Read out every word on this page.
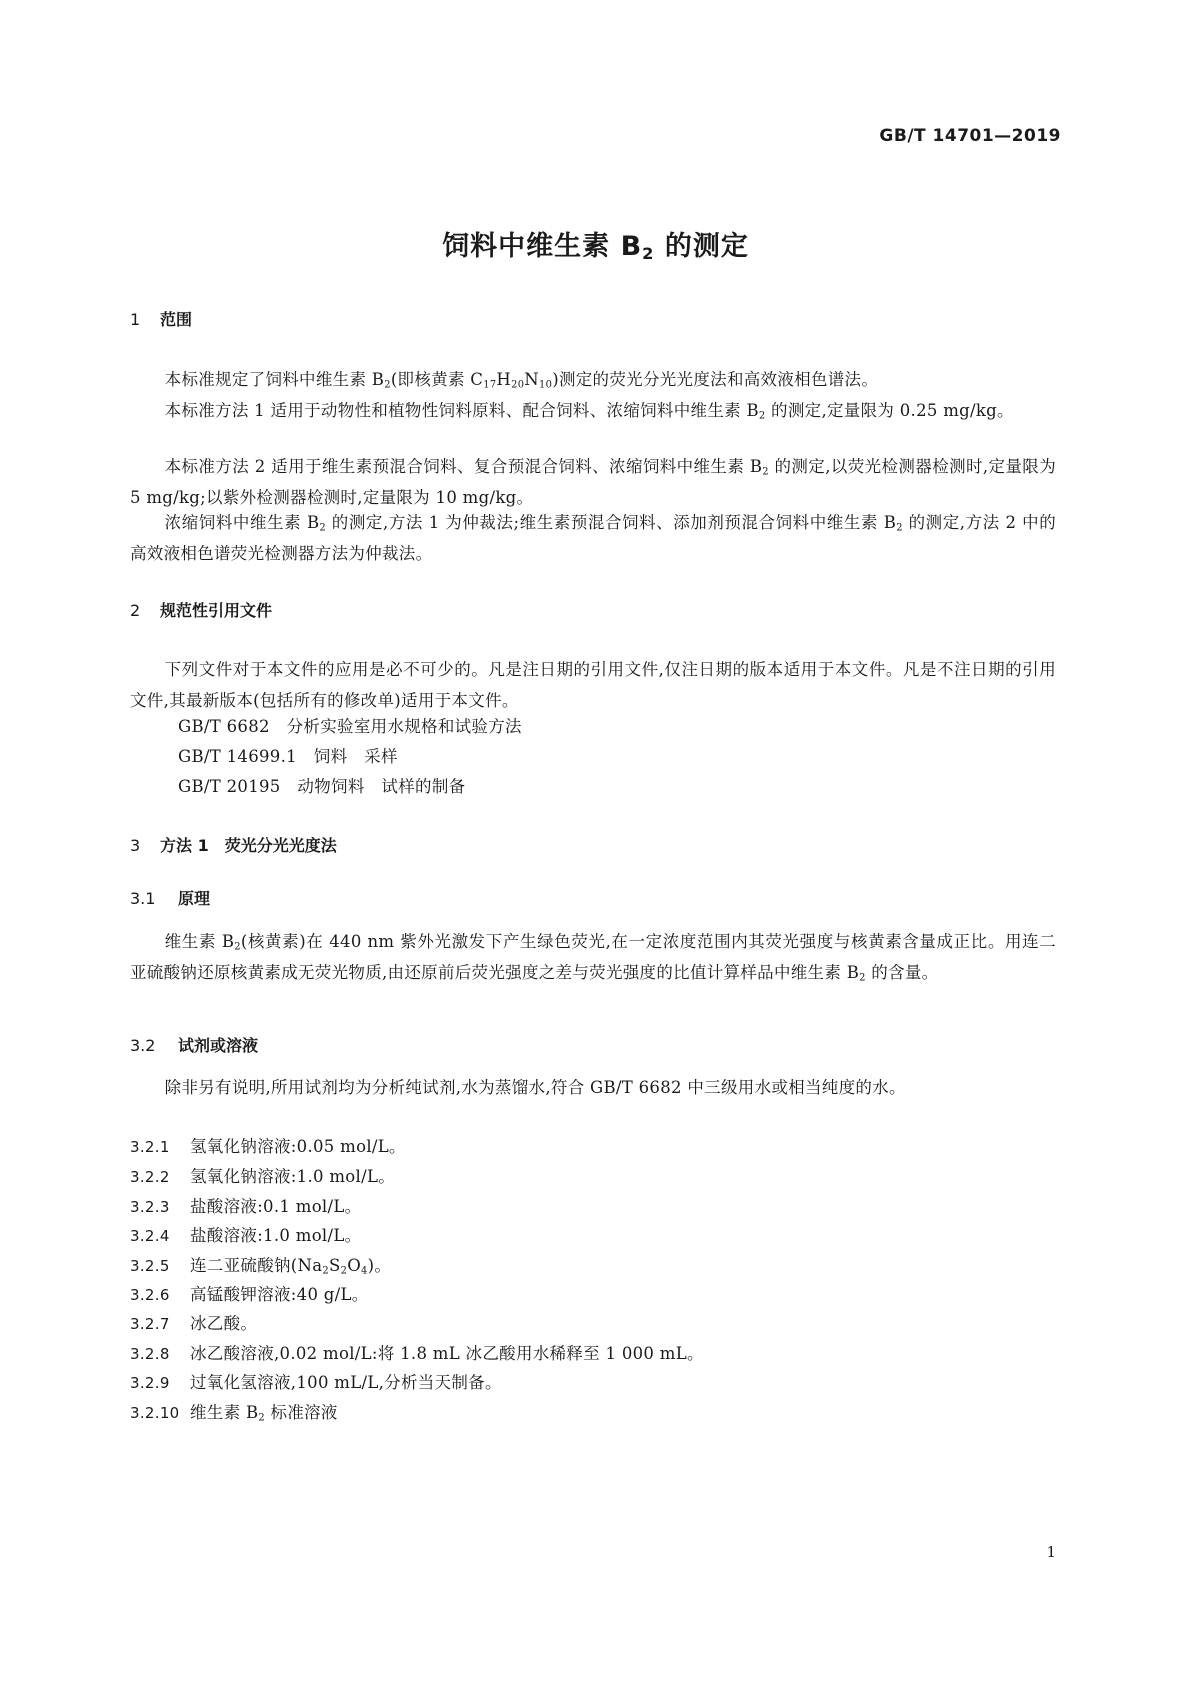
GB/T 14701—2019
饲料中维生素 $B_2$ 的测定
1 范围
本标准规定了饲料中维生素 $B_2$(即核黄素 $C_{17}H_{20}N_{10}$)测定的荧光分光光度法和高效液相色谱法。
本标准方法 1 适用于动物性和植物性饲料原料、配合饲料、浓缩饲料中维生素 $B_2$ 的测定,定量限为 0.25 mg/kg。
本标准方法 2 适用于维生素预混合饲料、复合预混合饲料、浓缩饲料中维生素 $B_2$ 的测定,以荧光检测器检测时,定量限为 5 mg/kg;以紫外检测器检测时,定量限为 10 mg/kg。
浓缩饲料中维生素 $B_2$ 的测定,方法 1 为仲裁法;维生素预混合饲料、添加剂预混合饲料中维生素 $B_2$ 的测定,方法 2 中的高效液相色谱荧光检测器方法为仲裁法。
2 规范性引用文件
下列文件对于本文件的应用是必不可少的。凡是注日期的引用文件,仅注日期的版本适用于本文件。凡是不注日期的引用文件,其最新版本(包括所有的修改单)适用于本文件。
GB/T 6682　 分析实验室用水规格和试验方法
GB/T 14699.1　 饲料　采样
GB/T 20195　 动物饲料　试样的制备
3 方法 1　荧光分光光度法
3.1 原理
维生素 $B_2$(核黄素)在 440 nm 紫外光激发下产生绿色荧光,在一定浓度范围内其荧光强度与核黄素含量成正比。用连二亚硫酸钠还原核黄素成无荧光物质,由还原前后荧光强度之差与荧光强度的比值计算样品中维生素 $B_2$ 的含量。
3.2 试剂或溶液
除非另有说明,所用试剂均为分析纯试剂,水为蒸馏水,符合 GB/T 6682 中三级用水或相当纯度的水。
3.2.1 氢氧化钠溶液:0.05 mol/L。
3.2.2 氢氧化钠溶液:1.0 mol/L。
3.2.3 盐酸溶液:0.1 mol/L。
3.2.4 盐酸溶液:1.0 mol/L。
3.2.5 连二亚硫酸钠$(Na_2S_2O_4)$。
3.2.6 高锰酸钾溶液:40 g/L。
3.2.7 冰乙酸。
3.2.8 冰乙酸溶液,0.02 mol/L:将 1.8 mL 冰乙酸用水稀释至 1 000 mL。
3.2.9 过氧化氢溶液,100 mL/L,分析当天制备。
3.2.10 维生素 $B_2$ 标准溶液
1
